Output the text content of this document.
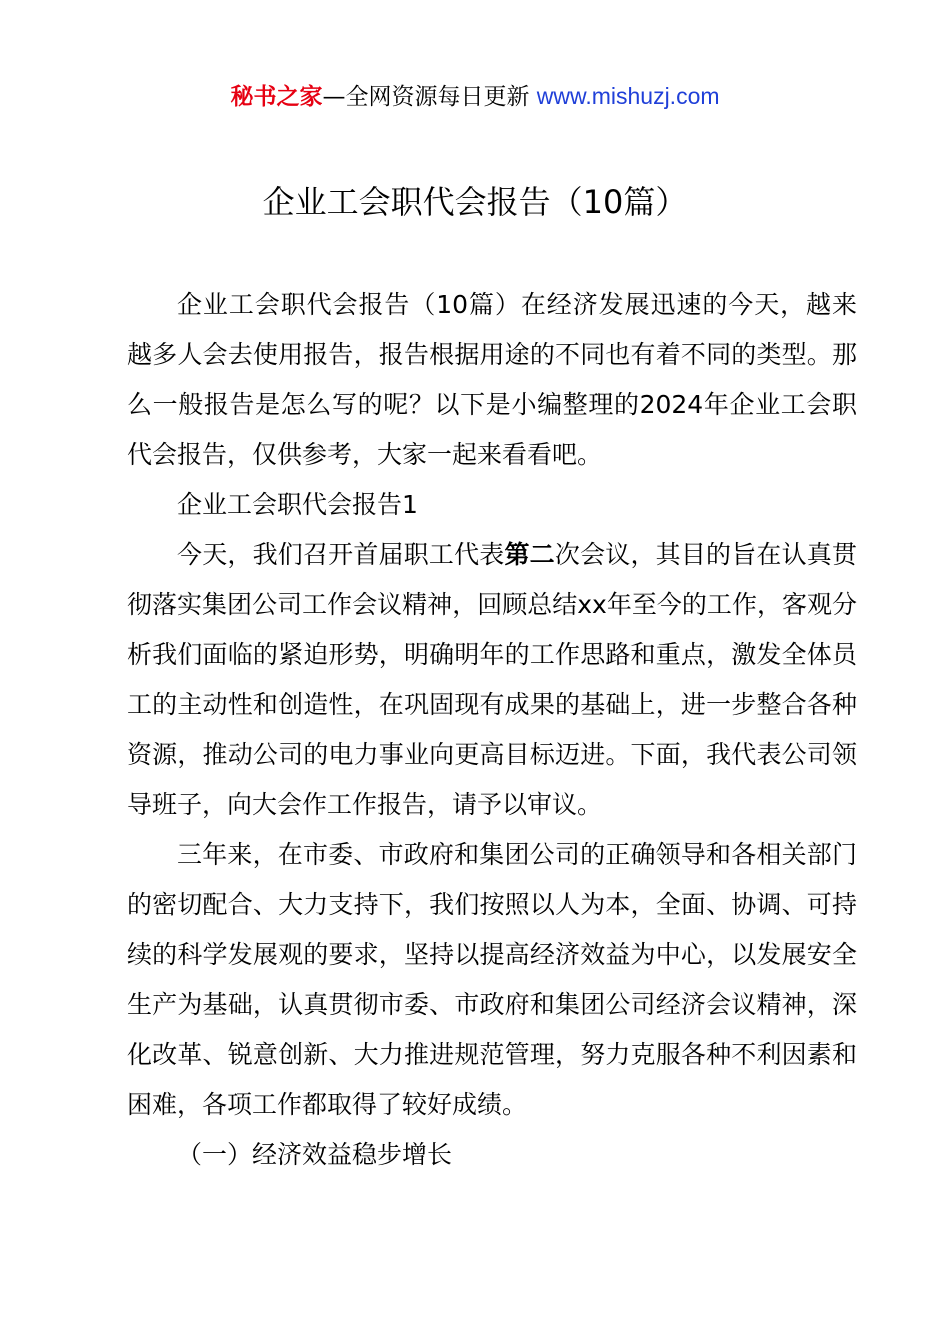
秘书之家—全网资源每日更新 www.mishuzj.com
企业工会职代会报告（10篇）

企业工会职代会报告（10篇）在经济发展迅速的今天，越来越多人会去使用报告，报告根据用途的不同也有着不同的类型。那么一般报告是怎么写的呢？以下是小编整理的2024年企业工会职代会报告，仅供参考，大家一起来看看吧。

企业工会职代会报告1

今天，我们召开首届职工代表第二次会议，其目的旨在认真贯彻落实集团公司工作会议精神，回顾总结xx年至今的工作，客观分析我们面临的紧迫形势，明确明年的工作思路和重点，激发全体员工的主动性和创造性，在巩固现有成果的基础上，进一步整合各种资源，推动公司的电力事业向更高目标迈进。下面，我代表公司领导班子，向大会作工作报告，请予以审议。

三年来，在市委、市政府和集团公司的正确领导和各相关部门的密切配合、大力支持下，我们按照以人为本，全面、协调、可持续的科学发展观的要求，坚持以提高经济效益为中心，以发展安全生产为基础，认真贯彻市委、市政府和集团公司经济会议精神，深化改革、锐意创新、大力推进规范管理，努力克服各种不利因素和困难，各项工作都取得了较好成绩。

（一）经济效益稳步增长
